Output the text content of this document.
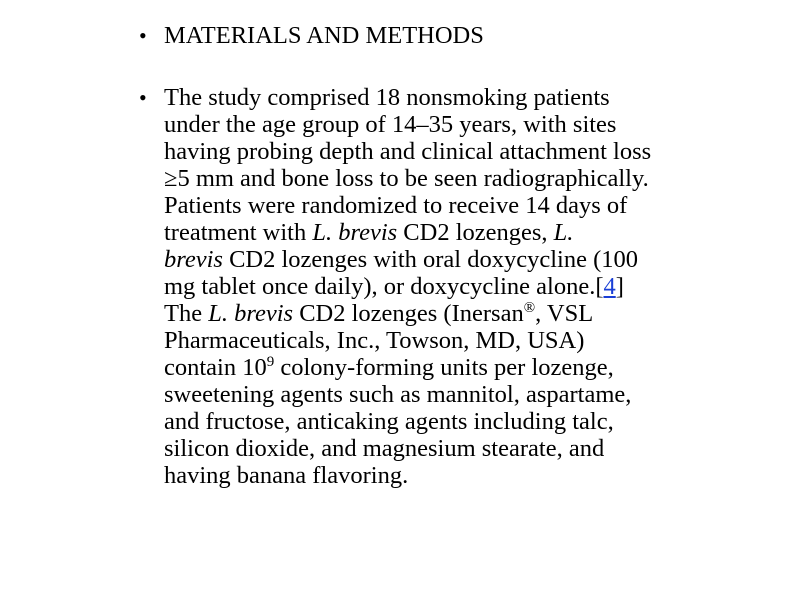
• MATERIALS AND METHODS
• The study comprised 18 nonsmoking patients
under the age group of 14–35 years, with sites
having probing depth and clinical attachment loss
≥5 mm and bone loss to be seen radiographically.
Patients were randomized to receive 14 days of
treatment with L. brevis CD2 lozenges, L.
brevis CD2 lozenges with oral doxycycline (100
mg tablet once daily), or doxycycline alone.[4]
The L. brevis CD2 lozenges (Inersan®, VSL
Pharmaceuticals, Inc., Towson, MD, USA)
contain $10^9$ colony-forming units per lozenge,
sweetening agents such as mannitol, aspartame,
and fructose, anticaking agents including talc,
silicon dioxide, and magnesium stearate, and
having banana flavoring.
